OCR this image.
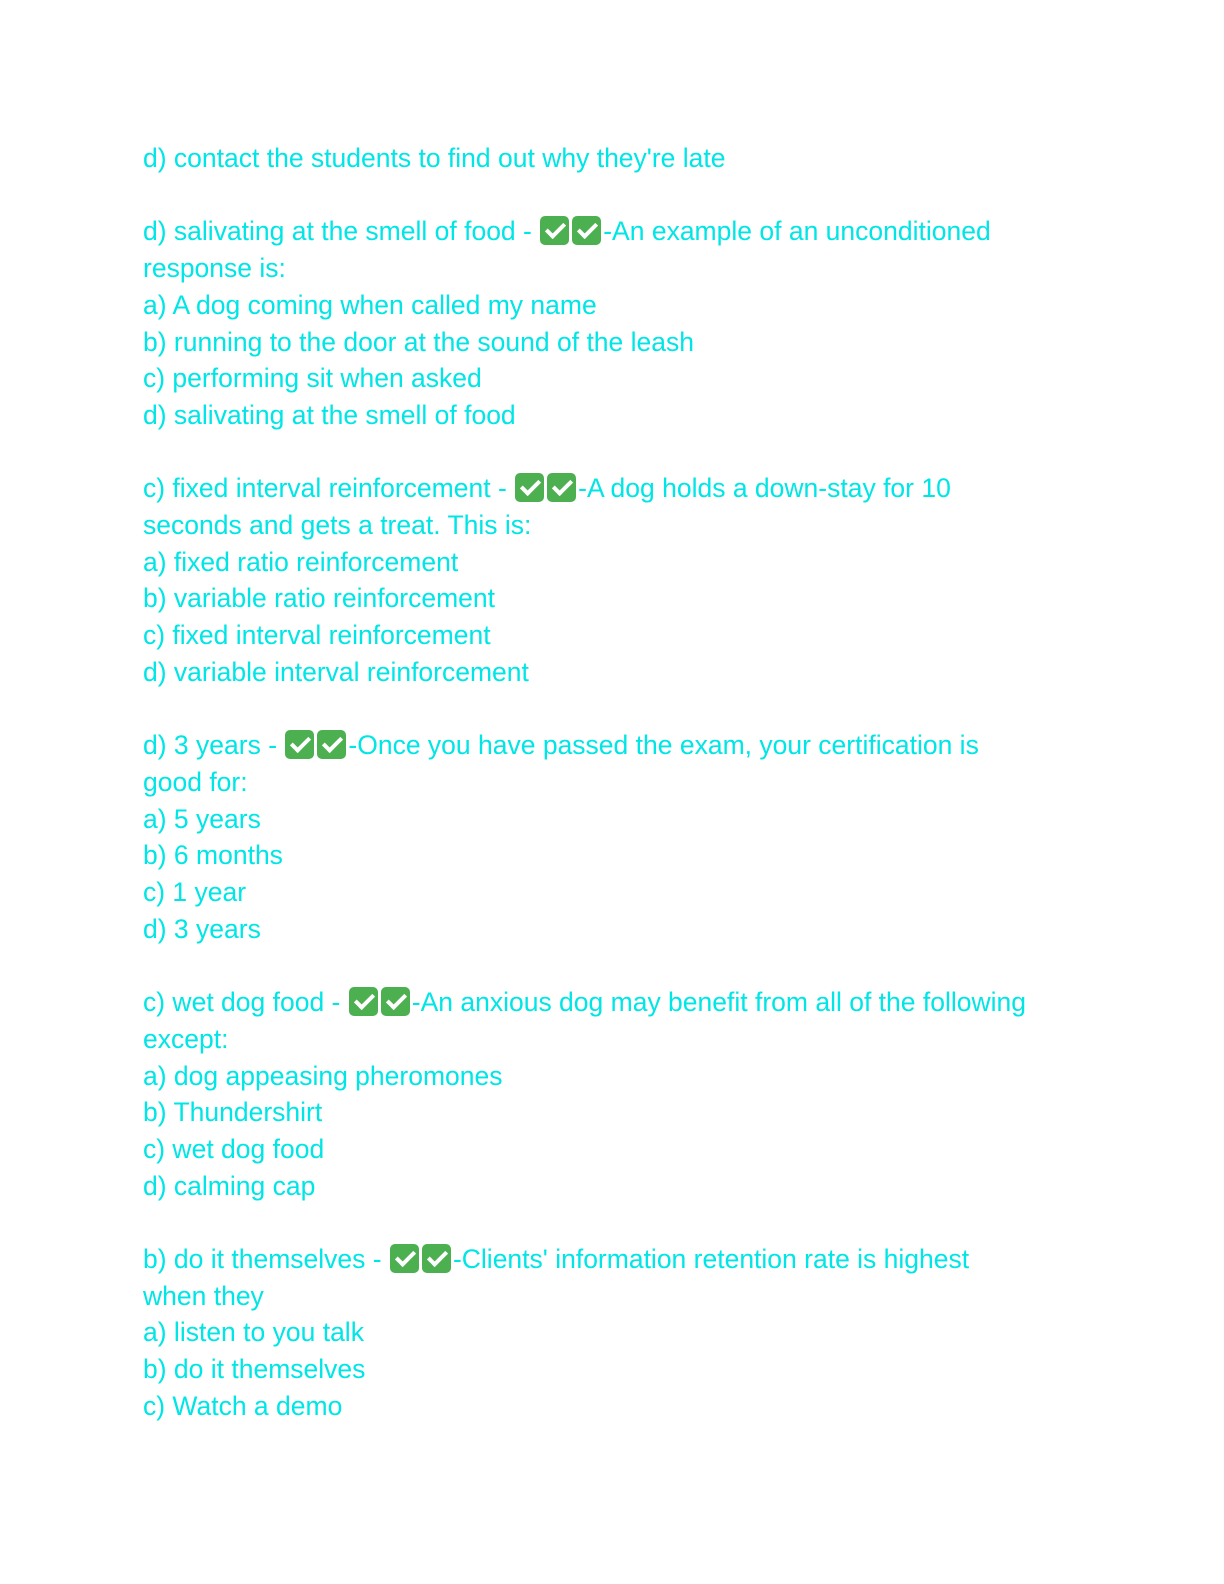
d) contact the students to find out why they're late

d) salivating at the smell of food - -An example of an unconditioned

response is:

a) A dog coming when called my name

b) running to the door at the sound of the leash

c) performing sit when asked

d) salivating at the smell of food

c) fixed interval reinforcement - -A dog holds a down-stay for 10

seconds and gets a treat. This is:

a) fixed ratio reinforcement

b) variable ratio reinforcement

c) fixed interval reinforcement

d) variable interval reinforcement

d) 3 years - -Once you have passed the exam, your certification is

good for:

a) 5 years

b) 6 months

c) 1 year

d) 3 years

c) wet dog food - -An anxious dog may benefit from all of the following

except:

a) dog appeasing pheromones

b) Thundershirt

c) wet dog food

d) calming cap

b) do it themselves - -Clients' information retention rate is highest

when they

a) listen to you talk

b) do it themselves

c) Watch a demo
